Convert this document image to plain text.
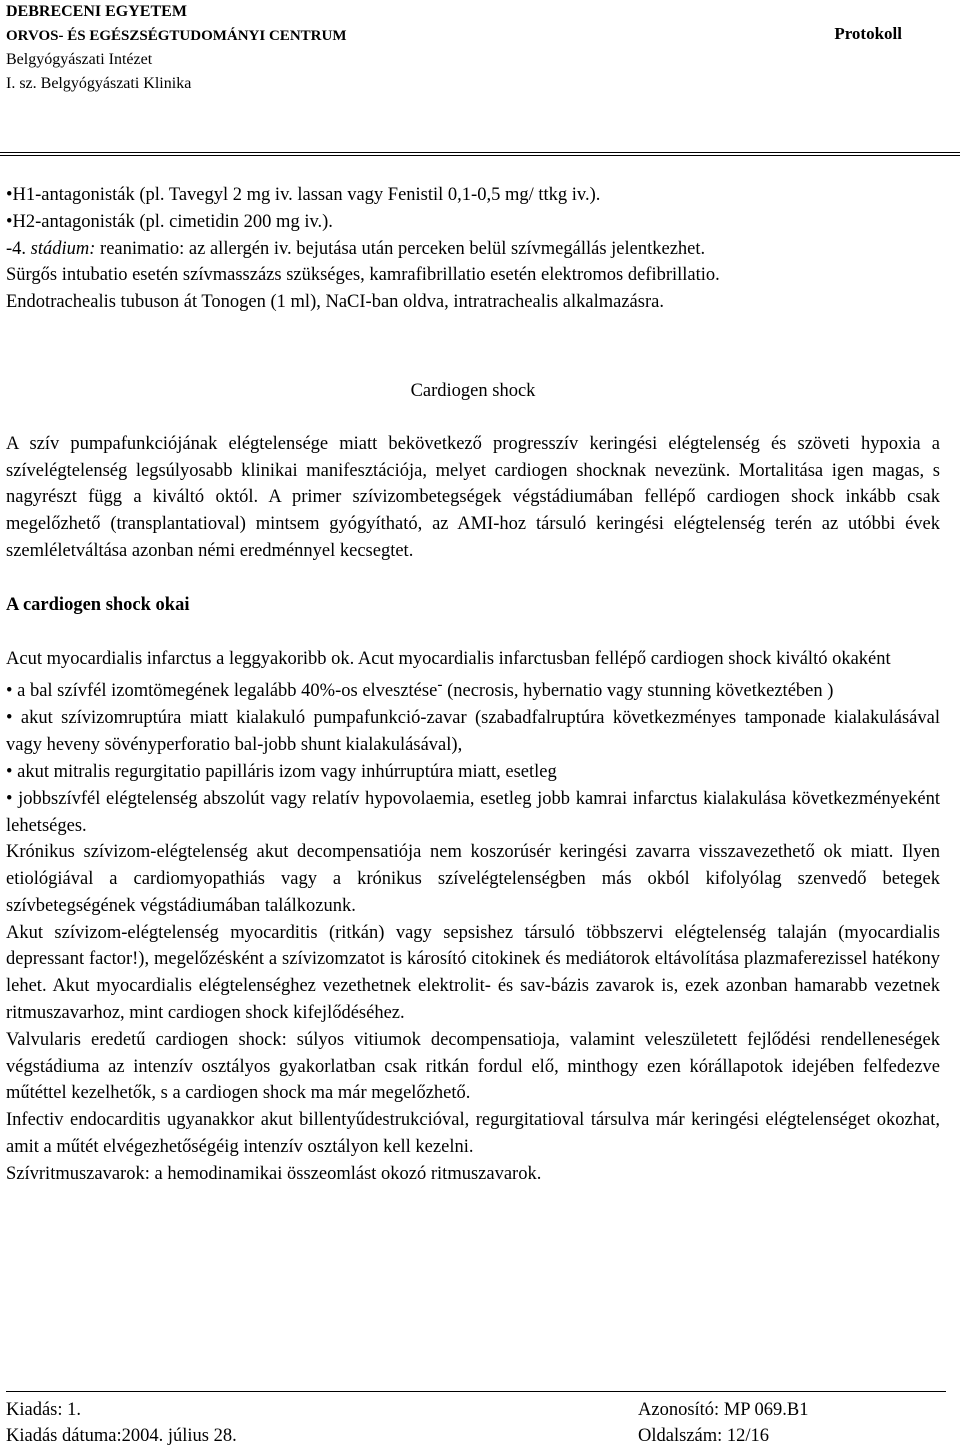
DEBRECENI EGYETEM
ORVOS- ÉS EGÉSZSÉGTUDOMÁNYI CENTRUM
Belgyógyászati Intézet
I. sz. Belgyógyászati Klinika
Protokoll

•H1-antagonisták (pl. Tavegyl 2 mg iv. lassan vagy Fenistil 0,1-0,5 mg/ ttkg iv.).

•H2-antagonisták (pl. cimetidin 200 mg iv.).

-4. stádium: reanimatio: az allergén iv. bejutása után perceken belül szívmegállás jelentkezhet.

Sürgős intubatio esetén szívmasszázs szükséges, kamrafibrillatio esetén elektromos defibrillatio.

Endotrachealis tubuson át Tonogen (1 ml), NaCI-ban oldva, intratrachealis alkalmazásra.

Cardiogen shock

A szív pumpafunkciójának elégtelensége miatt bekövetkező progresszív keringési elégtelenség és szöveti hypoxia a szívelégtelenség legsúlyosabb klinikai manifesztációja, melyet cardiogen shocknak nevezünk. Mortalitása igen magas, s nagyrészt függ a kiváltó októl. A primer szívizombetegségek végstádiumában fellépő cardiogen shock inkább csak megelőzhető (transplantatioval) mintsem gyógyítható, az AMI-hoz társuló keringési elégtelenség terén az utóbbi évek szemléletváltása azonban némi eredménnyel kecsegtet.

A cardiogen shock okai

Acut myocardialis infarctus a leggyakoribb ok. Acut myocardialis infarctusban fellépő cardiogen shock kiváltó okaként

• a bal szívfél izomtömegének legalább 40%-os elvesztése- (necrosis, hybernatio vagy stunning következtében )

• akut szívizomruptúra miatt kialakuló pumpafunkció-zavar (szabadfalruptúra következményes tamponade kialakulásával vagy heveny sövényperforatio bal-jobb shunt kialakulásával),

• akut mitralis regurgitatio papilláris izom vagy inhúrruptúra miatt, esetleg

• jobbszívfél elégtelenség abszolút vagy relatív hypovolaemia, esetleg jobb kamrai infarctus kialakulása következményeként lehetséges.

Krónikus szívizom-elégtelenség akut decompensatiója nem koszorúsér keringési zavarra visszavezethető ok miatt. Ilyen etiológiával a cardiomyopathiás vagy a krónikus szívelégtelenségben más okból kifolyólag szenvedő betegek szívbetegségének végstádiumában találkozunk.

Akut szívizom-elégtelenség myocarditis (ritkán) vagy sepsishez társuló többszervi elégtelenség talaján (myocardialis depressant factor!), megelőzésként a szívizomzatot is károsító citokinek és mediátorok eltávolítása plazmaferezissel hatékony lehet. Akut myocardialis elégtelenséghez vezethetnek elektrolit- és sav-bázis zavarok is, ezek azonban hamarabb vezetnek ritmuszavarhoz, mint cardiogen shock kifejlődéséhez.

Valvularis eredetű cardiogen shock: súlyos vitiumok decompensatioja, valamint veleszületett fejlődési rendelleneségek végstádiuma az intenzív osztályos gyakorlatban csak ritkán fordul elő, minthogy ezen kórállapotok idejében felfedezve műtéttel kezelhetők, s a cardiogen shock ma már megelőzhető.

Infectiv endocarditis ugyanakkor akut billentyűdestrukcióval, regurgitatioval társulva már keringési elégtelenséget okozhat, amit a műtét elvégezhetőségéig intenzív osztályon kell kezelni.

Szívritmuszavarok: a hemodinamikai összeomlást okozó ritmuszavarok.

Kiadás: 1.
Kiadás dátuma:2004. július 28.
Azonosító: MP 069.B1
Oldalszám: 12/16
